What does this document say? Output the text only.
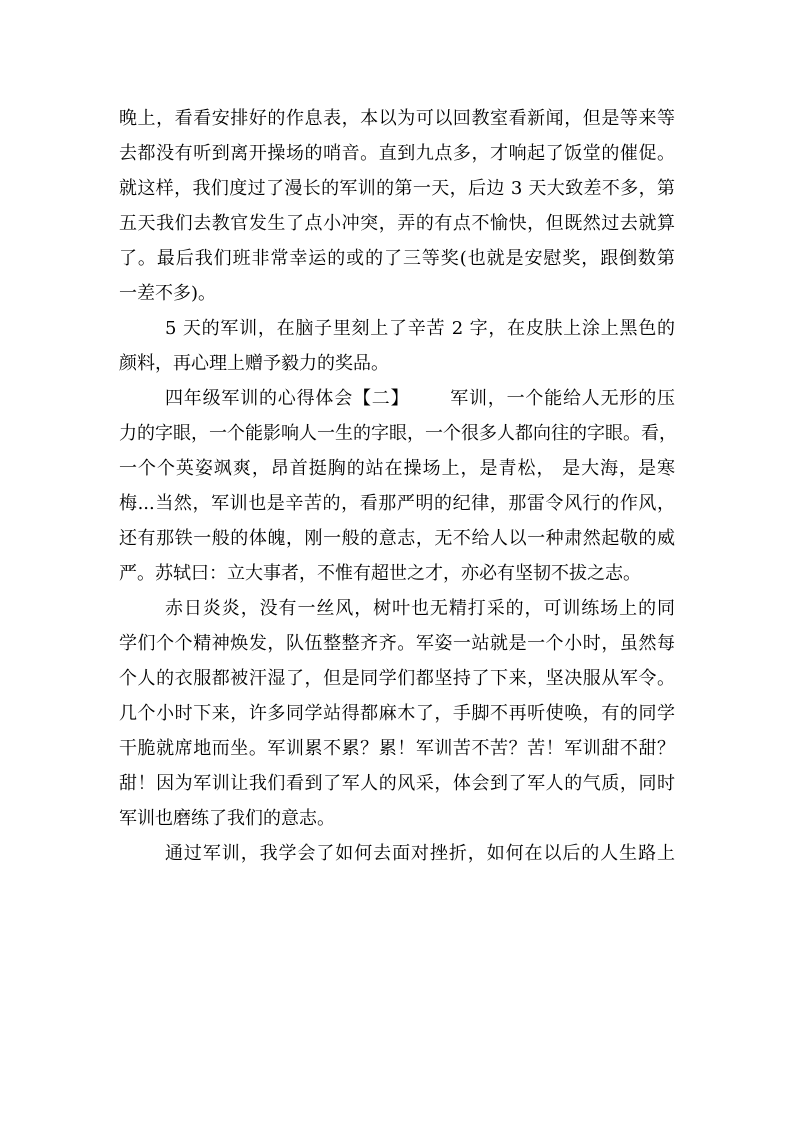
晚上，看看安排好的作息表，本以为可以回教室看新闻，但是等来等
去都没有听到离开操场的哨音。直到九点多，才响起了饭堂的催促。
就这样，我们度过了漫长的军训的第一天，后边 3 天大致差不多，第
五天我们去教官发生了点小冲突，弄的有点不愉快，但既然过去就算
了。最后我们班非常幸运的或的了三等奖(也就是安慰奖，跟倒数第
一差不多)。
5 天的军训，在脑子里刻上了辛苦 2 字，在皮肤上涂上黑色的
颜料，再心理上赠予毅力的奖品。
四年级军训的心得体会【二】 军训，一个能给人无形的压
力的字眼，一个能影响人一生的字眼，一个很多人都向往的字眼。看，
一个个英姿飒爽，昂首挺胸的站在操场上，是青松， 是大海，是寒
梅...当然，军训也是辛苦的，看那严明的纪律，那雷令风行的作风，
还有那铁一般的体魄，刚一般的意志，无不给人以一种肃然起敬的威
严。苏轼曰：立大事者，不惟有超世之才，亦必有坚韧不拔之志。
赤日炎炎，没有一丝风，树叶也无精打采的，可训练场上的同
学们个个精神焕发，队伍整整齐齐。军姿一站就是一个小时，虽然每
个人的衣服都被汗湿了，但是同学们都坚持了下来，坚决服从军令。
几个小时下来，许多同学站得都麻木了，手脚不再听使唤，有的同学
干脆就席地而坐。军训累不累？累！军训苦不苦？苦！军训甜不甜？
甜！因为军训让我们看到了军人的风采，体会到了军人的气质，同时
军训也磨练了我们的意志。
通过军训，我学会了如何去面对挫折，如何在以后的人生路上
